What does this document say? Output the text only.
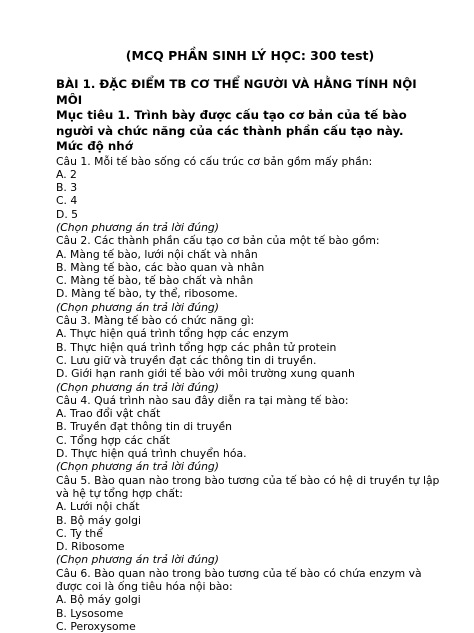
(MCQ PHẦN SINH LÝ HỌC: 300 test)
BÀI 1. ĐẶC ĐIỂM TB CƠ THỂ NGƯỜI VÀ HẰNG TÍNH NỘI MÔI
Mục tiêu 1. Trình bày được cấu tạo cơ bản của tế bào người và chức năng của các thành phần cấu tạo này.
Mức độ nhớ
Câu 1. Mỗi tế bào sống có cấu trúc cơ bản gồm mấy phần:
A. 2
B. 3
C. 4
D. 5
(Chọn phương án trả lời đúng)
Câu 2. Các thành phần cấu tạo cơ bản của một tế bào gồm:
A. Màng tế bào, lưới nội chất và nhân
B. Màng tế bào, các bào quan và nhân
C. Màng tế bào, tế bào chất và nhân
D. Màng tế bào, ty thể, ribosome.
(Chọn phương án trả lời đúng)
Câu 3. Màng tế bào có chức năng gì:
A. Thực hiện quá trình tổng hợp các enzym
B. Thực hiện quá trình tổng hợp các phân tử protein
C. Lưu giữ và truyền đạt các thông tin di truyền.
D. Giới hạn ranh giới tế bào với môi trường xung quanh
(Chọn phương án trả lời đúng)
Câu 4. Quá trình nào sau đây diễn ra tại màng tế bào:
A. Trao đổi vật chất
B. Truyền đạt thông tin di truyền
C. Tổng hợp các chất
D. Thực hiện quá trình chuyển hóa.
(Chọn phương án trả lời đúng)
Câu 5. Bào quan nào trong bào tương của tế bào có hệ di truyền tự lập và hệ tự tổng hợp chất:
A. Lưới nội chất
B. Bộ máy golgi
C. Ty thể
D. Ribosome
(Chọn phương án trả lời đúng)
Câu 6. Bào quan nào trong bào tương của tế bào có chứa enzym và được coi là ống tiêu hóa nội bào:
A. Bộ máy golgi
B. Lysosome
C. Peroxysome
